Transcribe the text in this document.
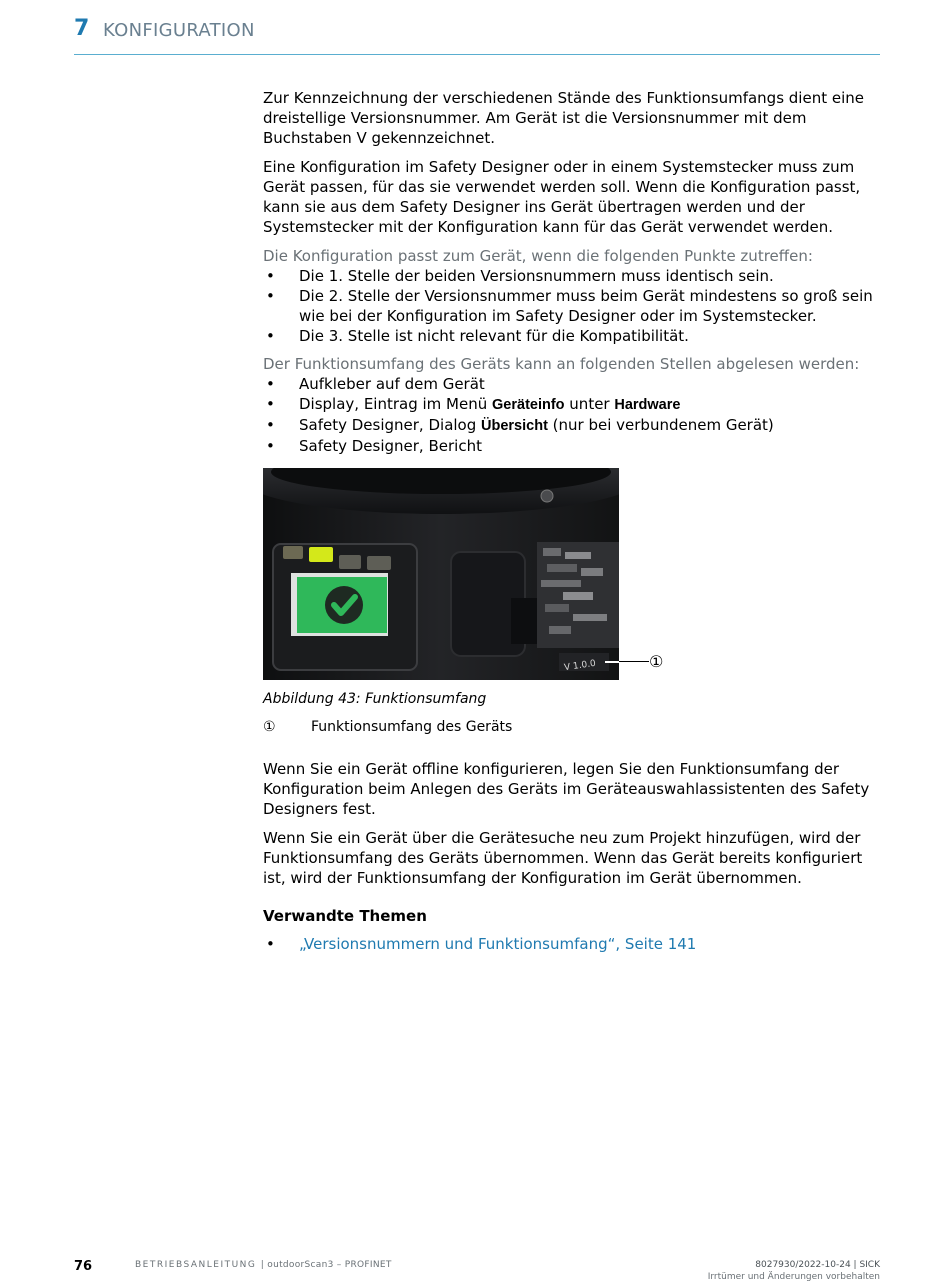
7 KONFIGURATION

Zur Kennzeichnung der verschiedenen Stände des Funktionsumfangs dient eine dreistellige Versionsnummer. Am Gerät ist die Versionsnummer mit dem Buchstaben V gekennzeichnet.

Eine Konfiguration im Safety Designer oder in einem Systemstecker muss zum Gerät passen, für das sie verwendet werden soll. Wenn die Konfiguration passt, kann sie aus dem Safety Designer ins Gerät übertragen werden und der Systemstecker mit der Konfiguration kann für das Gerät verwendet werden.

Die Konfiguration passt zum Gerät, wenn die folgenden Punkte zutreffen:
• Die 1. Stelle der beiden Versionsnummern muss identisch sein.
• Die 2. Stelle der Versionsnummer muss beim Gerät mindestens so groß sein wie bei der Konfiguration im Safety Designer oder im Systemstecker.
• Die 3. Stelle ist nicht relevant für die Kompatibilität.
Der Funktionsumfang des Geräts kann an folgenden Stellen abgelesen werden:
• Aufkleber auf dem Gerät
• Display, Eintrag im Menü Geräteinfo unter Hardware
• Safety Designer, Dialog Übersicht (nur bei verbundenem Gerät)
• Safety Designer, Bericht
V 1.0.0	①
Abbildung 43: Funktionsumfang
①	Funktionsumfang des Geräts

Wenn Sie ein Gerät offline konfigurieren, legen Sie den Funktionsumfang der Konfiguration beim Anlegen des Geräts im Geräteauswahlassistenten des Safety Designers fest.

Wenn Sie ein Gerät über die Gerätesuche neu zum Projekt hinzufügen, wird der Funktionsumfang des Geräts übernommen. Wenn das Gerät bereits konfiguriert ist, wird der Funktionsumfang der Konfiguration im Gerät übernommen.

Verwandte Themen
• „Versionsnummern und Funktionsumfang“, Seite 141
76	BETRIEBSANLEITUNG | outdoorScan3 – PROFINET	8027930/2022-10-24 | SICK
Irrtümer und Änderungen vorbehalten
